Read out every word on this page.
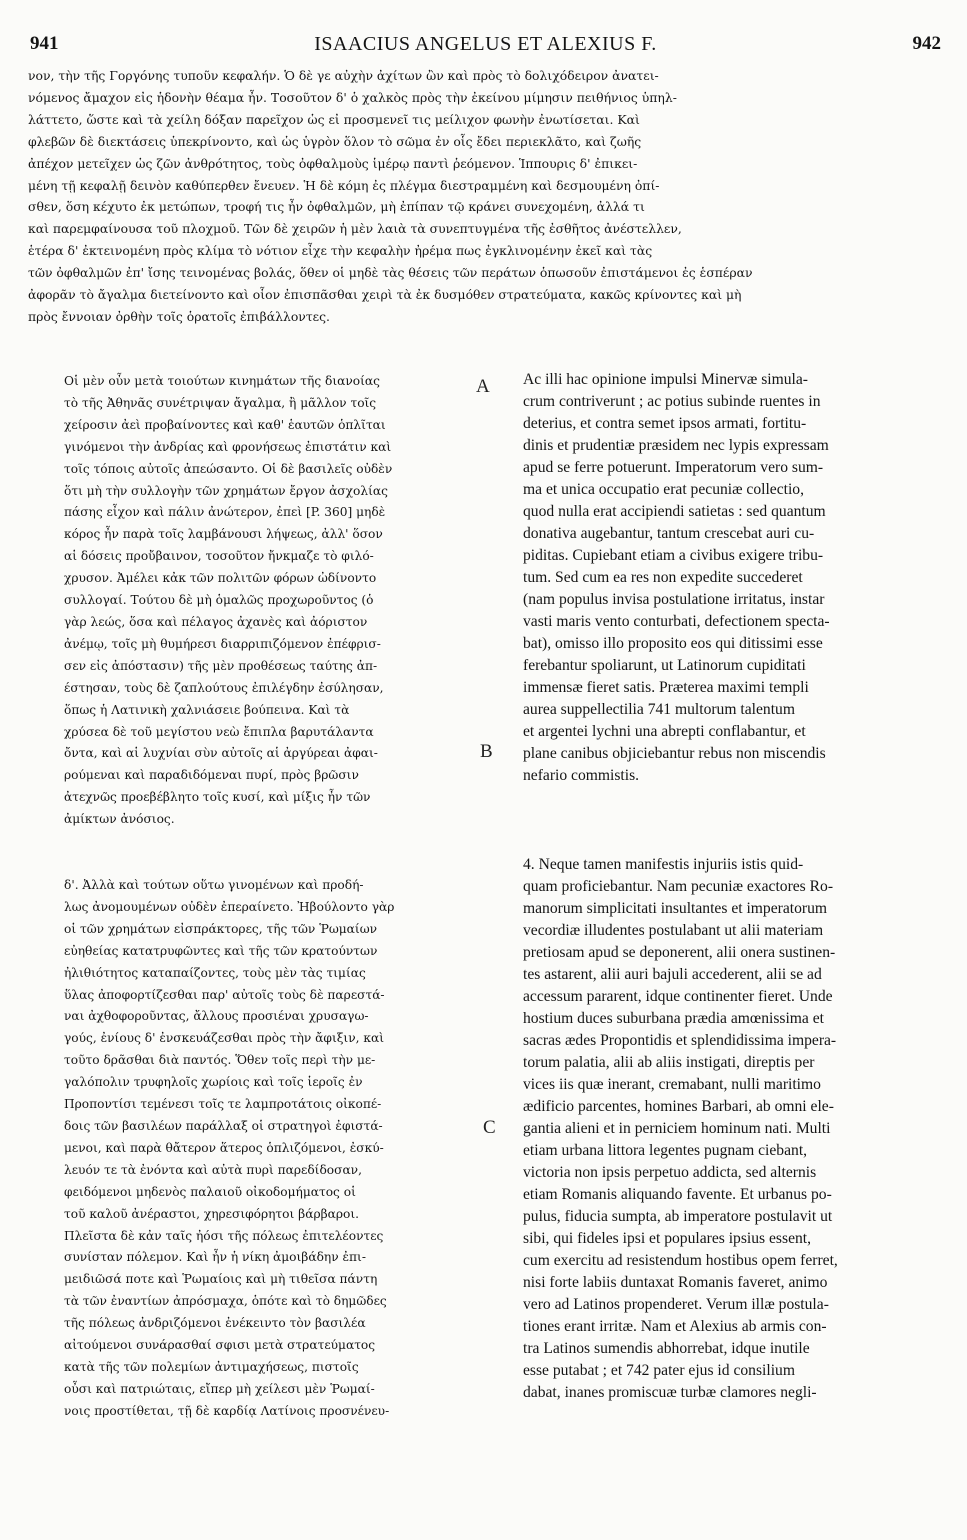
941	ISAACIUS ANGELUS ET ALEXIUS F.	942
νον, τὴν τῆς Γοργόνης τυποῦν κεφαλήν. Ὁ δὲ γε αὐχὴν ἀχίτων ὢν καὶ πρὸς τὸ δολιχόδειρον ἀνατει-
νόμενος ἄμαχον εἰς ἡδονὴν θέαμα ἦν. Τοσοῦτον δ' ὁ χαλκὸς πρὸς τὴν ἐκείνου μίμησιν πειθήνιος ὑπηλ-
λάττετο, ὥστε καὶ τὰ χείλη δόξαν παρεῖχον ὡς εἰ προσμενεῖ τις μείλιχον φωνὴν ἐνωτίσεται. Καὶ
φλεβῶν δὲ διεκτάσεις ὑπεκρίνοντο, καὶ ὡς ὑγρὸν ὅλον τὸ σῶμα ἐν οἷς ἔδει περιεκλᾶτο, καὶ ζωῆς
ἀπέχον μετεῖχεν ὡς ζῶν ἀνθρότητος, τοὺς ὀφθαλμοὺς ἱμέρῳ παντὶ ῥεόμενον. Ἱππουρις δ' ἐπικει-
μένη τῇ κεφαλῇ δεινὸν καθύπερθεν ἔνευεν. Ἡ δὲ κόμη ἐς πλέγμα διεστραμμένη καὶ δεσμουμένη ὀπί-
σθεν, ὅση κέχυτο ἐκ μετώπων, τροφή τις ἦν ὀφθαλμῶν, μὴ ἐπίπαν τῷ κράνει συνεχομένη, ἀλλά τι
καὶ παρεμφαίνουσα τοῦ πλοχμοῦ. Τῶν δὲ χειρῶν ἡ μὲν λαιὰ τὰ συνεπτυγμένα τῆς ἐσθῆτος ἀνέστελλεν,
ἑτέρα δ' ἐκτεινομένη πρὸς κλίμα τὸ νότιον εἶχε τὴν κεφαλὴν ἠρέμα πως ἐγκλινομένην ἐκεῖ καὶ τὰς
τῶν ὀφθαλμῶν ἐπ' ἴσης τεινομένας βολάς, ὅθεν οἱ μηδὲ τὰς θέσεις τῶν περάτων ὁπωσοῦν ἐπιστάμενοι ἐς ἑσπέραν
ἀφορᾶν τὸ ἄγαλμα διετείνοντο καὶ οἷον ἐπισπᾶσθαι χειρὶ τὰ ἐκ δυσμόθεν στρατεύματα, κακῶς κρίνοντες καὶ μὴ
πρὸς ἔννοιαν ὀρθὴν τοῖς ὁρατοῖς ἐπιβάλλοντες.
A
B
C
Οἱ μὲν οὖν μετὰ τοιούτων κινημάτων τῆς διανοίας
τὸ τῆς Ἀθηνᾶς συνέτριψαν ἄγαλμα, ἢ μᾶλλον τοῖς
χείροσιν ἀεὶ προβαίνοντες καὶ καθ' ἑαυτῶν ὁπλῖται
γινόμενοι τὴν ἀνδρίας καὶ φρονήσεως ἐπιστάτιν καὶ
τοῖς τόποις αὐτοῖς ἀπεώσαντο. Οἱ δὲ βασιλεῖς οὐδὲν
ὅτι μὴ τὴν συλλογὴν τῶν χρημάτων ἔργον ἀσχολίας
πάσης εἶχον καὶ πάλιν ἀνώτερον, ἐπεὶ [P. 360] μηδὲ
κόρος ἦν παρὰ τοῖς λαμβάνουσι λήψεως, ἀλλ' ὅσον
αἱ δόσεις προὔβαινον, τοσοῦτον ἤνκμαζε τὸ φιλό-
χρυσον. Ἀμέλει κἀκ τῶν πολιτῶν φόρων ὠδίνοντο
συλλογαί. Τούτου δὲ μὴ ὁμαλῶς προχωροῦντος (ὁ
γὰρ λεώς, ὅσα καὶ πέλαγος ἀχανὲς καὶ ἀόριστον
ἀνέμῳ, τοῖς μὴ θυμήρεσι διαρριπιζόμενον ἐπέφρισ-
σεν εἰς ἀπόστασιν) τῆς μὲν προθέσεως ταύτης ἀπ-
έστησαν, τοὺς δὲ ζαπλούτους ἐπιλέγδην ἐσύλησαν,
ὅπως ἡ Λατινικὴ χαλνιάσειε βούπεινα. Καὶ τὰ
χρύσεα δὲ τοῦ μεγίστου νεὼ ἔπιπλα βαρυτάλαντα
ὄντα, καὶ αἱ λυχνίαι σὺν αὐτοῖς αἱ ἀργύρεαι ἀφαι-
ρούμεναι καὶ παραδιδόμεναι πυρί, πρὸς βρῶσιν
ἀτεχνῶς προεβέβλητο τοῖς κυσί, καὶ μίξις ἦν τῶν
ἀμίκτων ἀνόσιος.
δ'. Ἀλλὰ καὶ τούτων οὕτω γινομένων καὶ προδή-
λως ἀνομουμένων οὐδὲν ἐπεραίνετο. Ἠβούλοντο γὰρ
οἱ τῶν χρημάτων εἰσπράκτορες, τῆς τῶν Ῥωμαίων
εὐηθείας κατατρυφῶντες καὶ τῆς τῶν κρατούντων
ἠλιθιότητος καταπαίζοντες, τοὺς μὲν τὰς τιμίας
ὕλας ἀποφορτίζεσθαι παρ' αὐτοῖς τοὺς δὲ παρεστά-
ναι ἀχθοφοροῦντας, ἄλλους προσιέναι χρυσαγω-
γούς, ἐνίους δ' ἐνσκευάζεσθαι πρὸς τὴν ἄφιξιν, καὶ
τοῦτο δρᾶσθαι διὰ παντός. Ὅθεν τοῖς περὶ τὴν με-
γαλόπολιν τρυφηλοῖς χωρίοις καὶ τοῖς ἱεροῖς ἐν
Προποντίσι τεμένεσι τοῖς τε λαμπροτάτοις οἰκοπέ-
δοις τῶν βασιλέων παράλλαξ οἱ στρατηγοὶ ἐφιστά-
μενοι, καὶ παρὰ θἄτερον ἅτερος ὁπλιζόμενοι, ἐσκύ-
λευόν τε τὰ ἐνόντα καὶ αὐτὰ πυρὶ παρεδίδοσαν,
φειδόμενοι μηδενὸς παλαιοῦ οἰκοδομήματος οἱ
τοῦ καλοῦ ἀνέραστοι, χηρεσιφόρητοι βάρβαροι.
Πλεῖστα δὲ κἀν ταῖς ἠόσι τῆς πόλεως ἐπιτελέοντες
συνίσταν πόλεμον. Καὶ ἦν ἡ νίκη ἀμοιβάδην ἐπι-
μειδιῶσά ποτε καὶ Ῥωμαίοις καὶ μὴ τιθεῖσα πάντη
τὰ τῶν ἐναντίων ἀπρόσμαχα, ὁπότε καὶ τὸ δημῶδες
τῆς πόλεως ἀνδριζόμενοι ἐνέκειντο τὸν βασιλέα
αἰτούμενοι συνάρασθαί σφισι μετὰ στρατεύματος
κατὰ τῆς τῶν πολεμίων ἀντιμαχήσεως, πιστοῖς
οὖσι καὶ πατριώταις, εἴπερ μὴ χείλεσι μὲν Ῥωμαί-
νοις προστίθεται, τῇ δὲ καρδίᾳ Λατίνοις προσνένευ-
Ac illi hac opinione impulsi Minervæ simula-
crum contriverunt ; ac potius subinde ruentes in
deterius, et contra semet ipsos armati, fortitu-
dinis et prudentiæ præsidem nec lypis expressam
apud se ferre potuerunt. Imperatorum vero sum-
ma et unica occupatio erat pecuniæ collectio,
quod nulla erat accipiendi satietas : sed quantum
donativa augebantur, tantum crescebat auri cu-
piditas. Cupiebant etiam a civibus exigere tribu-
tum. Sed cum ea res non expedite succederet
(nam populus invisa postulatione irritatus, instar
vasti maris vento conturbati, defectionem specta-
bat), omisso illo proposito eos qui ditissimi esse
ferebantur spoliarunt, ut Latinorum cupiditati
immensæ fieret satis. Præterea maximi templi
aurea suppellectilia 741 multorum talentum
et argentei lychni una abrepti conflabantur, et
plane canibus objiciebantur rebus non miscendis
nefario commistis.
4. Neque tamen manifestis injuriis istis quid-
quam proficiebantur. Nam pecuniæ exactores Ro-
manorum simplicitati insultantes et imperatorum
vecordiæ illudentes postulabant ut alii materiam
pretiosam apud se deponerent, alii onera sustinen-
tes astarent, alii auri bajuli accederent, alii se ad
accessum pararent, idque continenter fieret. Unde
hostium duces suburbana prædia amœnissima et
sacras ædes Propontidis et splendidissima impera-
torum palatia, alii ab aliis instigati, direptis per
vices iis quæ inerant, cremabant, nulli maritimo
ædificio parcentes, homines Barbari, ab omni ele-
gantia alieni et in perniciem hominum nati. Multi
etiam urbana littora legentes pugnam ciebant,
victoria non ipsis perpetuo addicta, sed alternis
etiam Romanis aliquando favente. Et urbanus po-
pulus, fiducia sumpta, ab imperatore postulavit ut
sibi, qui fideles ipsi et populares ipsius essent,
cum exercitu ad resistendum hostibus opem ferret,
nisi forte labiis duntaxat Romanis faveret, animo
vero ad Latinos propenderet. Verum illæ postula-
tiones erant irritæ. Nam et Alexius ab armis con-
tra Latinos sumendis abhorrebat, idque inutile
esse putabat ; et 742 pater ejus id consilium
dabat, inanes promiscuæ turbæ clamores negli-
